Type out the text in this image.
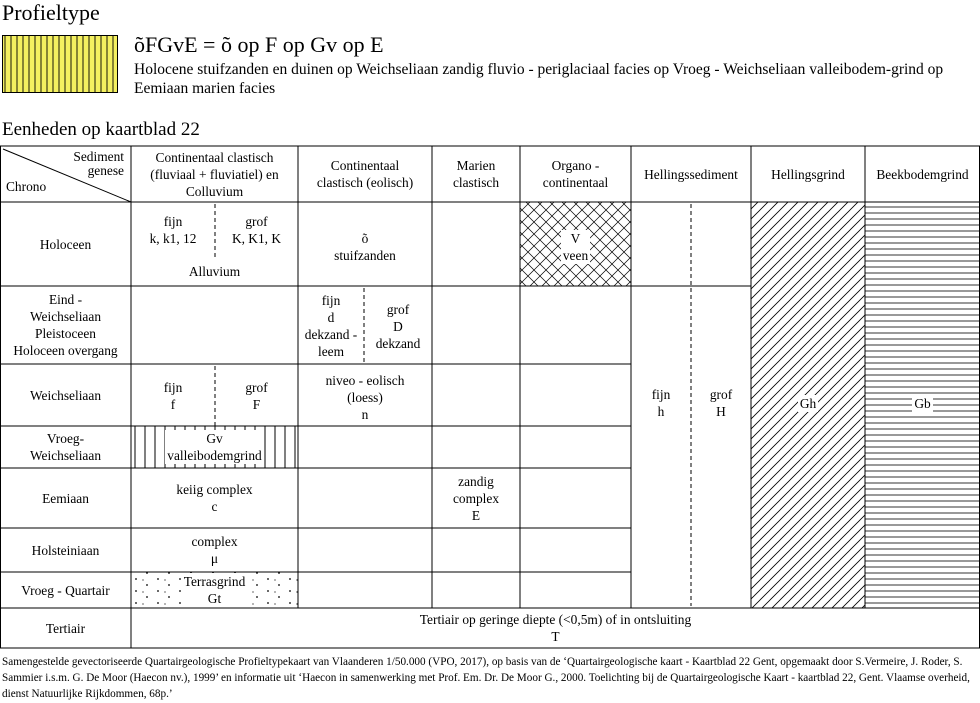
Profieltype
õFGvE = õ op F op Gv op E
Holocene stuifzanden en duinen op Weichseliaan zandig fluvio - periglaciaal facies op Vroeg - Weichseliaan valleibodem-grind op Eemiaan marien facies
Eenheden op kaartblad 22
Sediment
genese
Chrono
Continentaal clastisch
(fluviaal + fluviatiel) en
Colluvium
Continentaal
clastisch (eolisch)
Marien
clastisch
Organo -
continentaal
Hellingssediment Hellingsgrind Beekbodemgrind
Holoceen
Eind -
Weichseliaan
Pleistoceen
Holoceen overgang
Weichseliaan
Vroeg-
Weichseliaan
Eemiaan
Holsteiniaan
Vroeg - Quartair
Tertiair
fijn
k, k1, 12
grof
K, K1, K
Alluvium
õ
stuifzanden
V
veen
fijn
d
dekzand -
leem
grof
D
dekzand
fijn
f
grof
F
niveo - eolisch
(loess)
n
Gv
valleibodemgrind
keiig complex
c
zandig
complex
E
complex
μ
Terrasgrind
Gt
fijn
h
grof
H
Gh	Gb
Tertiair op geringe diepte (<0,5m) of in ontsluiting
T
Samengestelde gevectoriseerde Quartairgeologische Profieltypekaart van Vlaanderen 1/50.000 (VPO, 2017), op basis van de ‘Quartairgeologische kaart - Kaartblad 22 Gent, opgemaakt door S.Vermeire, J. Roder, S. Sammier i.s.m. G. De Moor (Haecon nv.), 1999’ en informatie uit ‘Haecon in samenwerking met Prof. Em. Dr. De Moor G., 2000. Toelichting bij de Quartairgeologische Kaart - kaartblad 22, Gent. Vlaamse overheid, dienst Natuurlijke Rijkdommen, 68p.’
